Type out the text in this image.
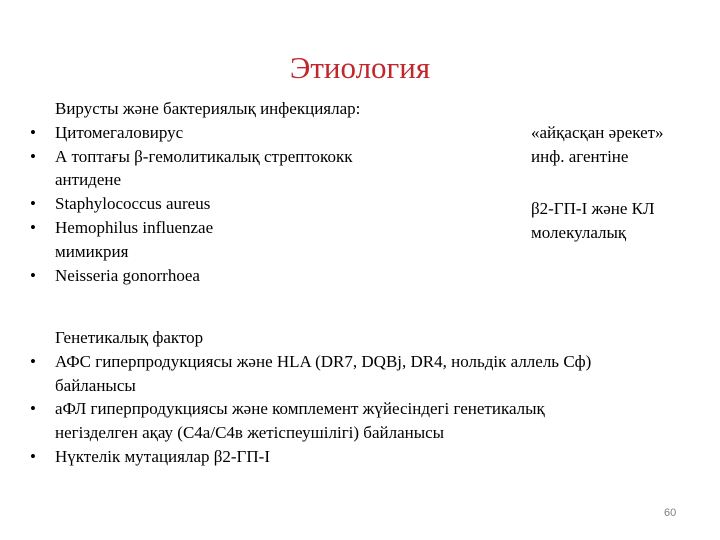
Этиология
Вирусты және бактериялық инфекциялар:
•	Цитомегаловирус
•	А топтағы β-гемолитикалық стрептококк
антидене
•	Staphylococcus aureus
•	Hemophilus influenzae
мимикрия
•	Neisseria gonorrhoea
«айқасқан әрекет»
инф. агентіне
β2-ГП-I және КЛ
молекулалық
Генетикалық фактор
•	АФС гиперпродукциясы және HLA (DR7, DQBj, DR4, нольдік аллель Сф)
байланысы
•	аФЛ гиперпродукциясы және комплемент жүйесіндегі генетикалық
негізделген ақау (С4а/С4в жетіспеушілігі) байланысы
•	Нүктелік мутациялар β2-ГП-I
60
